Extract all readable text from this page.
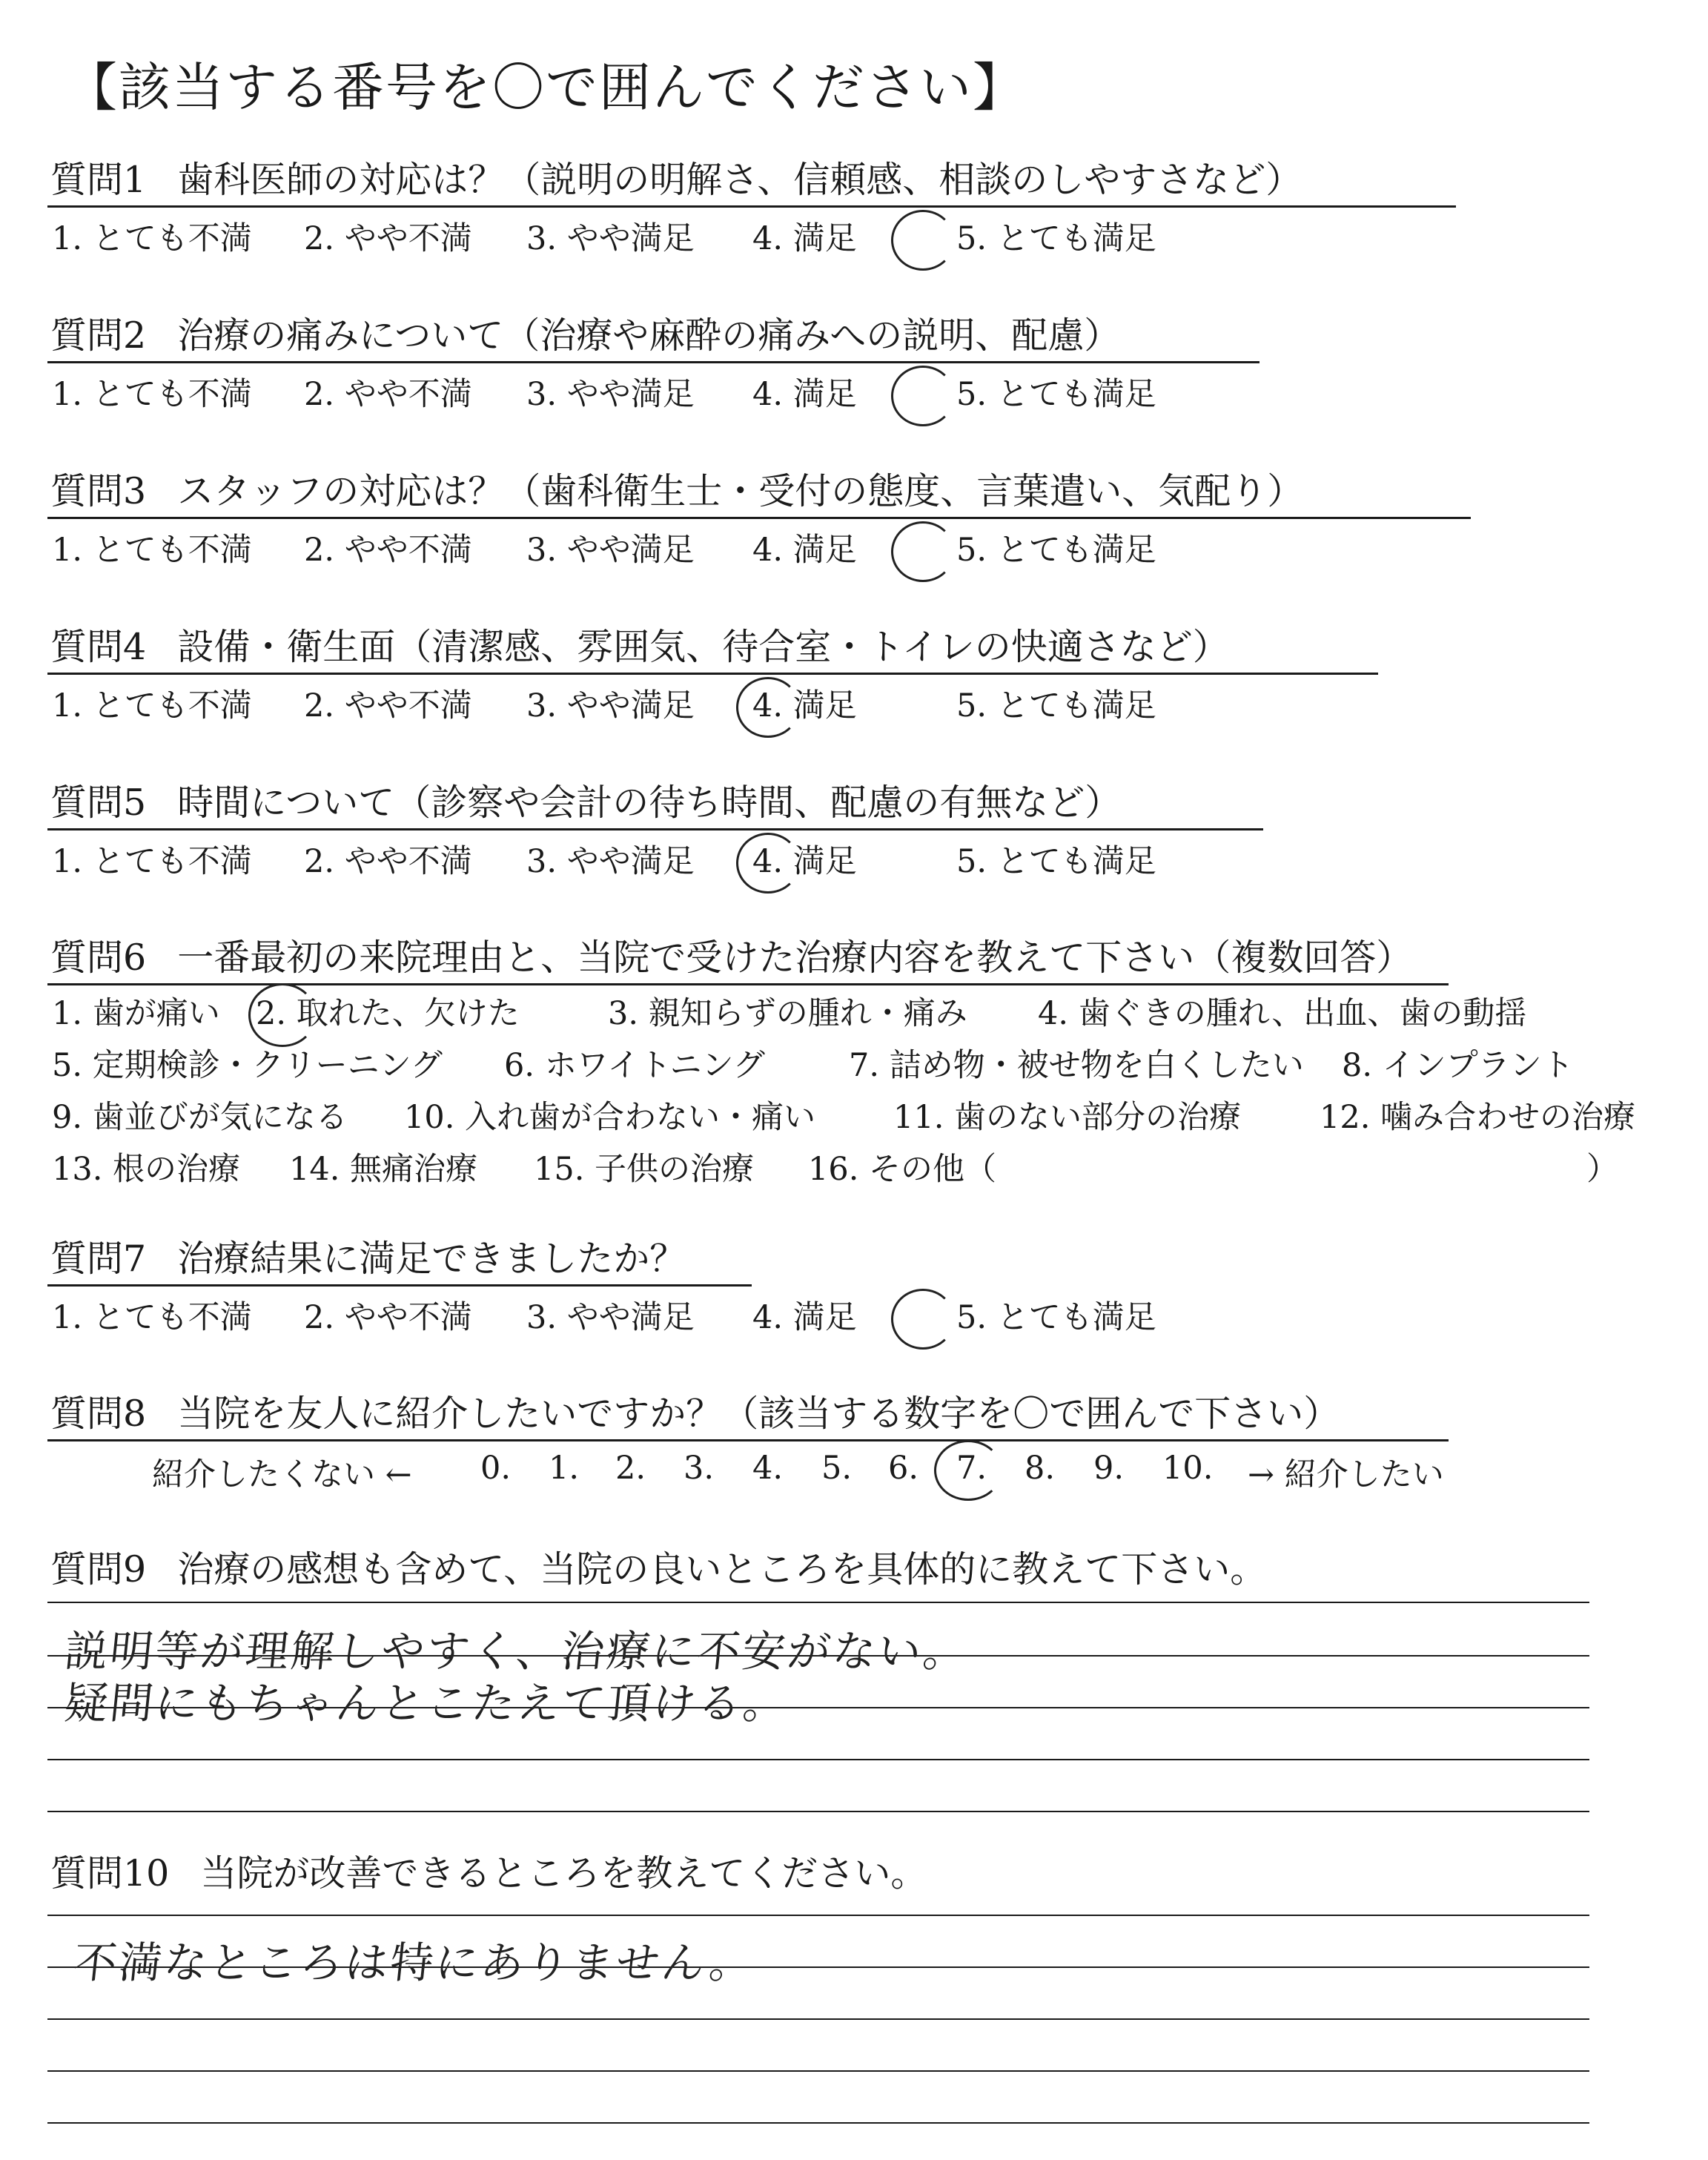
【該当する番号を〇で囲んでください】
質問1 歯科医師の対応は？（説明の明解さ、信頼感、相談のしやすさなど）
1. とても不満 2. やや不満 3. やや満足 4. 満足	5. とても満足
質問2 治療の痛みについて（治療や麻酔の痛みへの説明、配慮）
1. とても不満 2. やや不満 3. やや満足 4. 満足	5. とても満足
質問3 スタッフの対応は？（歯科衛生士・受付の態度、言葉遣い、気配り）
1. とても不満 2. やや不満 3. やや満足 4. 満足	5. とても満足
質問4 設備・衛生面（清潔感、雰囲気、待合室・トイレの快適さなど）
1. とても不満 2. やや不満 3. やや満足 4. 満足	5. とても満足
質問5 時間について（診察や会計の待ち時間、配慮の有無など）
1. とても不満 2. やや不満 3. やや満足 4. 満足	5. とても満足
質問6 一番最初の来院理由と、当院で受けた治療内容を教えて下さい（複数回答）
1. 歯が痛い 2. 取れた、欠けた	3. 親知らずの腫れ・痛み 4. 歯ぐきの腫れ、出血、歯の動揺
5. 定期検診・クリーニング 6. ホワイトニング	7. 詰め物・被せ物を白くしたい 8. インプラント
9. 歯並びが気になる 10. 入れ歯が合わない・痛い 11. 歯のない部分の治療 12. 噛み合わせの治療
13. 根の治療 14. 無痛治療 15. 子供の治療 16. その他（	）
質問7 治療結果に満足できましたか？
1. とても不満 2. やや不満 3. やや満足 4. 満足	5. とても満足
質問8 当院を友人に紹介したいですか？（該当する数字を〇で囲んで下さい）
紹介したくない ← 0. 1. 2. 3. 4. 5. 6. 7. 8. 9. 10. → 紹介したい
質問9 治療の感想も含めて、当院の良いところを具体的に教えて下さい。
説明等が理解しやすく、治療に不安がない。
疑問にもちゃんとこたえて頂ける。
質問10 当院が改善できるところを教えてください。
不満なところは特にありません。
